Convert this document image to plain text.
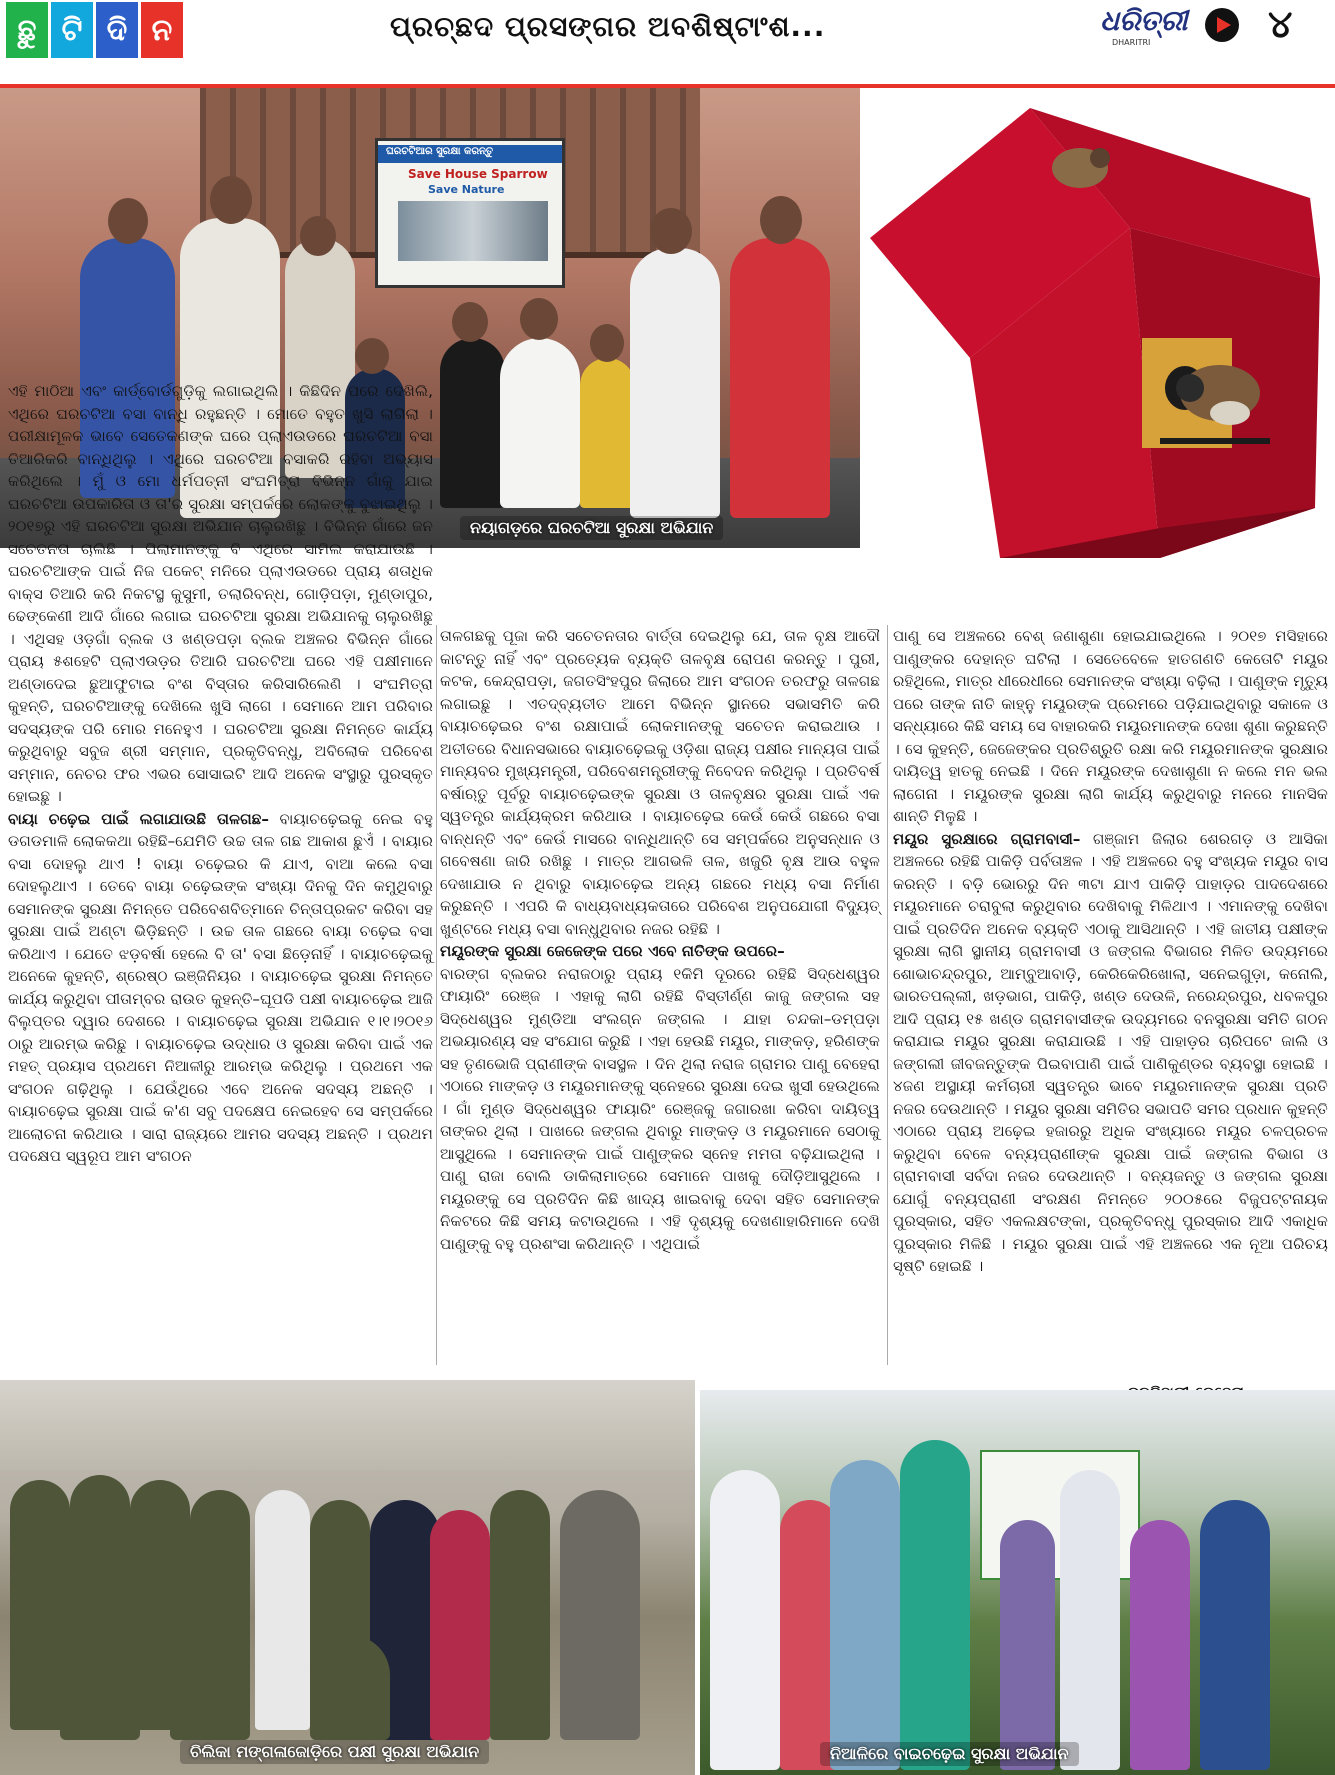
ଛୁ ଟି ଦି ନ	ପ୍ରଚ୍ଛଦ ପ୍ରସଙ୍ଗର ଅବଶିଷ୍ଟାଂଶ...	ଧରିତ୍ରୀ
DHARITRI	୪
ଘରଚଟିଆର ସୁରକ୍ଷା କରନ୍ତୁ
Save House Sparrow
Save Nature
ନୟାଗଡ଼ରେ ଘରଚଟିଆ ସୁରକ୍ଷା ଅଭିଯାନ

ଏହି ମାଠିଆ ଏବଂ କାର୍ଡ୍‌ବୋର୍ଡଗୁଡ଼ିକୁ ଲଗାଇଥିଲି । କିଛିଦିନ ପରେ ଦେଖିଲି, ଏଥିରେ ଘରଚଟିଆ ବସା ବାନ୍ଧି ରହୁଛନ୍ତି । ମୋତେ ବହୁତ ଖୁସି ଲାଗିଲା । ପରୀକ୍ଷାମୂଳକ ଭାବେ ସେତେକଣଙ୍କ ଘରେ ପ୍ଲାଏଉଡରେ ଘରଚଟିଆ ବସା ତିଆରିକରି ବାନ୍ଧିଥିଲୁ । ଏଥିରେ ଘରଚଟିଆ ବସାକରି ରହିବା ଅଭ୍ୟାସ କରିଥିଲେ । ମୁଁ ଓ ମୋ ଧର୍ମପତ୍ନୀ ସଂଘମିତ୍ରା ବିଭିନ୍ନ ଗାଁକୁ ଯାଇ ଘରଚଟିଆ ଉପକାରିତା ଓ ତା'ର ସୁରକ୍ଷା ସମ୍ପର୍କରେ ଲୋକଙ୍କୁ ବୁଝାଇଥିଲୁ । ୨୦୧୭ରୁ ଏହି ଘରଚଟିଆ ସୁରକ୍ଷା ଅଭିଯାନ ଚାଲୁରଖିଛୁ । ବିଭିନ୍ନ ଗାଁରେ ଜନ ସଚେତନତା ଚାଲିଛି । ପିଲାମାନଙ୍କୁ ବି ଏଥିରେ ସାମିଲ କରାଯାଉଛି । ଘରଚଟିଆଙ୍କ ପାଇଁ ନିଜ ପକେଟ୍ ମନିରେ ପ୍ଲାଏଉଡରେ ପ୍ରାୟ ଶତାଧିକ ବାକ୍ସ ତିଆରି କରି ନିକଟସ୍ଥ କୁସୁମୀ, ତଲାରିବନ୍ଧ, ଗୋଡ଼ିପଡ଼ା, ମୁଣ୍ଡାପୁର, ଢେଙ୍କେଣୀ ଆଦି ଗାଁରେ ଲଗାଇ ଘରଚଟିଆ ସୁରକ୍ଷା ଅଭିଯାନକୁ ଚାଲୁରଖିଛୁ । ଏଥିସହ ଓଡ଼ଗାଁ ବ୍ଲକ ଓ ଖଣ୍ଡପଡ଼ା ବ୍ଲକ ଅଞ୍ଚଳର ବିଭିନ୍ନ ଗାଁରେ ପ୍ରାୟ ୫ଶହେଟି ପ୍ଲାଏଉଡ଼ର ତିଆରି ଘରଚଟିଆ ଘରେ ଏହି ପକ୍ଷୀମାନେ ଅଣ୍ଡାଦେଇ ଛୁଆଫୁଟାଇ ବଂଶ ବିସ୍ତାର କରିସାରିଲେଣି । ସଂଘମିତ୍ରା କୁହନ୍ତି, ଘରଚଟିଆଙ୍କୁ ଦେଖିଲେ ଖୁସି ଲାଗେ । ସେମାନେ ଆମ ପରିବାର ସଦସ୍ୟଙ୍କ ପରି ମୋର ମନେହୁଏ । ଘରଚଟିଆ ସୁରକ୍ଷା ନିମନ୍ତେ କାର୍ଯ୍ୟ କରୁଥିବାରୁ ସବୁଜ ଶ୍ରୀ ସମ୍ମାନ, ପ୍ରକୃତିବନ୍ଧୁ, ଅବିଲୋକ ପରିବେଶ ସମ୍ମାନ, ନେଚର ଫର ଏଭର ସୋସାଇଟି ଆଦି ଅନେକ ସଂସ୍ଥାରୁ ପୁରସ୍କୃତ ହୋଇଛୁ ।

ବାୟା ଚଢ଼େଇ ପାଇଁ ଲଗାଯାଉଛି ତାଳଗଛ– ବାୟାଚଢ଼େଇକୁ ନେଇ ବହୁ ଡଗଡମାଳି ଲୋକକଥା ରହିଛି–ଯେମିତି ଉଚ୍ଚ ତାଳ ଗଛ ଆକାଶ ଛୁଏଁ । ବାୟାର ବସା ଦୋହଲୁ ଥାଏ ! ବାୟା ଚଢ଼େଇର କି ଯାଏ, ବାଆ କଲେ ବସା ଦୋହଲୁଥାଏ । ତେବେ ବାୟା ଚଢ଼େଇଙ୍କ ସଂଖ୍ୟା ଦିନକୁ ଦିନ କମୁଥିବାରୁ ସେମାନଙ୍କ ସୁରକ୍ଷା ନିମନ୍ତେ ପରିବେଶବିତ୍‌ମାନେ ଚିନ୍ତାପ୍ରକଟ କରିବା ସହ ସୁରକ୍ଷା ପାଇଁ ଅଣ୍ଟା ଭିଡ଼ିଛନ୍ତି । ଉଚ୍ଚ ତାଳ ଗଛରେ ବାୟା ଚଢ଼େଇ ବସା କରିଥାଏ । ଯେତେ ଝଡ଼ବର୍ଷା ହେଲେ ବି ତା' ବସା ଛିଡ଼େନାହିଁ । ବାୟାଚଢ଼େଇକୁ ଅନେକେ କୁହନ୍ତି, ଶ୍ରେଷ୍ଠ ଇଞ୍ଜିନିୟର । ବାୟାଚଢ଼େଇ ସୁରକ୍ଷା ନିମନ୍ତେ କାର୍ଯ୍ୟ କରୁଥିବା ପୀତାମ୍ବର ରାଉତ କୁହନ୍ତି–ଘୂପଡି ପକ୍ଷୀ ବାୟାଚଢ଼େଇ ଆଜି ବିଲୁପ୍ତର ଦ୍ୱାର ଦେଶରେ । ବାୟାଚଢ଼େଇ ସୁରକ୍ଷା ଅଭିଯାନ ୧।୧।୨୦୧୬ ଠାରୁ ଆରମ୍ଭ କରିଛୁ । ବାୟାଚଢ଼େଇ ଉଦ୍ଧାର ଓ ସୁରକ୍ଷା କରିବା ପାଇଁ ଏକ ମହତ୍ ପ୍ରୟାସ ପ୍ରଥମେ ନିଆଳୀରୁ ଆରମ୍ଭ କରିଥିଲୁ । ପ୍ରଥମେ ଏକ ସଂଗଠନ ଗଢ଼ିଥିଲୁ । ଯେଉଁଥିରେ ଏବେ ଅନେକ ସଦସ୍ୟ ଅଛନ୍ତି । ବାୟାଚଢ଼େଇ ସୁରକ୍ଷା ପାଇଁ କ'ଣ ସବୁ ପଦକ୍ଷେପ ନେଇହେବ ସେ ସମ୍ପର୍କରେ ଆଲୋଚନା କରିଥାଉ । ସାରା ରାଜ୍ୟରେ ଆମର ସଦସ୍ୟ ଅଛନ୍ତି । ପ୍ରଥମ ପଦକ୍ଷେପ ସ୍ୱରୂପ ଆମ ସଂଗଠନ

ତାଳଗଛକୁ ପୂଜା କରି ସଚେତନତାର ବାର୍ତ୍ତା ଦେଇଥିଲୁ ଯେ, ତାଳ ବୃକ୍ଷ ଆଦୌ କାଟନ୍ତୁ ନାହିଁ ଏବଂ ପ୍ରତ୍ୟେକ ବ୍ୟକ୍ତି ତାଳବୃକ୍ଷ ରୋପଣ କରନ୍ତୁ । ପୁରୀ, କଟକ, କେନ୍ଦ୍ରାପଡ଼ା, ଜଗତସିଂହପୁର ଜିଲାରେ ଆମ ସଂଗଠନ ତରଫରୁ ତାଳଗଛ ଲଗାଇଛୁ । ଏତଦ୍‌ବ୍ୟତୀତ ଆମେ ବିଭିନ୍ନ ସ୍ଥାନରେ ସଭାସମିତି କରି ବାୟାଚଢ଼େଇର ବଂଶ ରକ୍ଷାପାଇଁ ଲୋକମାନଙ୍କୁ ସଚେତନ କରାଇଥାଉ । ଅତୀତରେ ବିଧାନସଭାରେ ବାୟାଚଢ଼େଇକୁ ଓଡ଼ିଶା ରାଜ୍ୟ ପକ୍ଷୀର ମାନ୍ୟତା ପାଇଁ ମାନ୍ୟବର ମୁଖ୍ୟମନ୍ତ୍ରୀ, ପରିବେଶମନ୍ତ୍ରୀଙ୍କୁ ନିବେଦନ କରିଥିଲୁ । ପ୍ରତିବର୍ଷ ବର୍ଷାଋତୁ ପୂର୍ବରୁ ବାୟାଚଢ଼େଇଙ୍କ ସୁରକ୍ଷା ଓ ତାଳବୃକ୍ଷର ସୁରକ୍ଷା ପାଇଁ ଏକ ସ୍ୱତନ୍ତ୍ର କାର୍ଯ୍ୟକ୍ରମ କରିଥାଉ । ବାୟାଚଢ଼େଇ କେଉଁ କେଉଁ ଗଛରେ ବସା ବାନ୍ଧନ୍ତି ଏବଂ କେଉଁ ମାସରେ ବାନ୍ଧିଥାନ୍ତି ସେ ସମ୍ପର୍କରେ ଅନୁସନ୍ଧାନ ଓ ଗବେଷଣା ଜାରି ରଖିଛୁ । ମାତ୍ର ଆଗଭଳି ତାଳ, ଖଜୁରି ବୃକ୍ଷ ଆଉ ବହୁଳ ଦେଖାଯାଉ ନ ଥିବାରୁ ବାୟାଚଢ଼େଇ ଅନ୍ୟ ଗଛରେ ମଧ୍ୟ ବସା ନିର୍ମାଣ କରୁଛନ୍ତି । ଏପରି କି ବାଧ୍ୟବାଧ୍ୟକତାରେ ପରିବେଶ ଅନୁପଯୋଗୀ ବିଦ୍ୟୁତ୍ ଖୁଣ୍ଟରେ ମଧ୍ୟ ବସା ବାନ୍ଧୁଥିବାର ନଜର ରହିଛି ।

ମୟୂରଙ୍କ ସୁରକ୍ଷା ଜେଜେଙ୍କ ପରେ ଏବେ ନାତିଙ୍କ ଉପରେ–

ବାରଙ୍ଗ ବ୍ଲକର ନରାଜଠାରୁ ପ୍ରାୟ ୧କିମି ଦୂରରେ ରହିଛି ସିଦ୍ଧେଶ୍ୱର ଫାୟାରିଂ ରେଞ୍ଜ । ଏହାକୁ ଲାଗି ରହିଛି ବିସ୍ତୀର୍ଣ୍ଣ କାଜୁ ଜଙ୍ଗଲ ସହ ସିଦ୍ଧେଶ୍ୱର ମୁଣ୍ଡିଆ ସଂଲଗ୍ନ ଜଙ୍ଗଲ । ଯାହା ଚନ୍ଦକା–ଡମ୍ପଡ଼ା ଅଭୟାରଣ୍ୟ ସହ ସଂଯୋଗ କରୁଛି । ଏହା ହେଉଛି ମୟୂର, ମାଙ୍କଡ଼, ହରିଣଙ୍କ ସହ ତୃଣଭୋଜି ପ୍ରାଣୀଙ୍କ ବାସସ୍ଥଳ । ଦିନ ଥିଲା ନରାଜ ଗ୍ରାମର ପାଣୁ ବେହେରା ଏଠାରେ ମାଙ୍କଡ଼ ଓ ମୟୂରମାନଙ୍କୁ ସ୍ନେହରେ ସୁରକ୍ଷା ଦେଇ ଖୁସୀ ହେଉଥିଲେ । ଗାଁ ମୁଣ୍ଡ ସିଦ୍ଧେଶ୍ୱର ଫାୟାରିଂ ରେଞ୍ଜକୁ ଜଗାରଖା କରିବା ଦାୟିତ୍ୱ ତାଙ୍କର ଥିଲା । ପାଖରେ ଜଙ୍ଗଲ ଥିବାରୁ ମାଙ୍କଡ଼ ଓ ମୟୂରମାନେ ସେଠାକୁ ଆସୁଥିଲେ । ସେମାନଙ୍କ ପାଇଁ ପାଣୁଙ୍କର ସ୍ନେହ ମମତା ବଢ଼ିଯାଇଥିଲା । ପାଣୁ ରାଜା ବୋଲି ଡାକିଲାମାତ୍ରେ ସେମାନେ ପାଖକୁ ଦୌଡ଼ିଆସୁଥିଲେ । ମୟୂରଙ୍କୁ ସେ ପ୍ରତିଦିନ କିଛି ଖାଦ୍ୟ ଖାଇବାକୁ ଦେବା ସହିତ ସେମାନଙ୍କ ନିକଟରେ କିଛି ସମୟ କଟାଉଥିଲେ । ଏହି ଦୃଶ୍ୟକୁ ଦେଖଣାହାରିମାନେ ଦେଖି ପାଣୁଙ୍କୁ ବହୁ ପ୍ରଶଂସା କରିଥାନ୍ତି । ଏଥିପାଇଁ

ପାଣୁ ସେ ଅଞ୍ଚଳରେ ବେଶ୍ ଜଣାଶୁଣା ହୋଇଯାଇଥିଲେ । ୨୦୧୭ ମସିହାରେ ପାଣୁଙ୍କର ଦେହାନ୍ତ ଘଟିଲା । ସେତେବେଳେ ହାତଗଣତି କେତୋଟି ମୟୂର ରହିଥିଲେ, ମାତ୍ର ଧୀରେଧୀରେ ସେମାନଙ୍କ ସଂଖ୍ୟା ବଢ଼ିଲା । ପାଣୁଙ୍କ ମୃତ୍ୟୁ ପରେ ତାଙ୍କ ନାତି କାହ୍ନୁ ମୟୂରଙ୍କ ପ୍ରେମରେ ପଡ଼ିଯାଇଥିବାରୁ ସକାଳେ ଓ ସନ୍ଧ୍ୟାରେ କିଛି ସମୟ ସେ ବାହାରକରି ମୟୂରମାନଙ୍କ ଦେଖା ଶୁଣା କରୁଛନ୍ତି । ସେ କୁହନ୍ତି, ଜେଜେଙ୍କର ପ୍ରତିଶ୍ରୁତି ରକ୍ଷା କରି ମୟୂରମାନଙ୍କ ସୁରକ୍ଷାର ଦାୟିତ୍ୱ ହାତକୁ ନେଇଛି । ଦିନେ ମୟୂରଙ୍କ ଦେଖାଶୁଣା ନ କଲେ ମନ ଭଲ ଲାଗେନା । ମୟୂରଙ୍କ ସୁରକ୍ଷା ଲାଗି କାର୍ଯ୍ୟ କରୁଥିବାରୁ ମନରେ ମାନସିକ ଶାନ୍ତି ମିଳୁଛି ।

ମୟୂର ସୁରକ୍ଷାରେ ଗ୍ରାମବାସୀ– ଗଞ୍ଜାମ ଜିଲାର ଶେରଗଡ଼ ଓ ଆସିକା ଅଞ୍ଚଳରେ ରହିଛି ପାକିଡ଼ି ପର୍ବତାଞ୍ଚଳ । ଏହି ଅଞ୍ଚଳରେ ବହୁ ସଂଖ୍ୟକ ମୟୂର ବାସ କରନ୍ତି । ବଡ଼ି ଭୋରରୁ ଦିନ ୩ଟା ଯାଏ ପାକିଡ଼ି ପାହାଡ଼ର ପାଦଦେଶରେ ମୟୂରମାନେ ଚରାବୁଲା କରୁଥିବାର ଦେଖିବାକୁ ମିଳିଥାଏ । ଏମାନଙ୍କୁ ଦେଖିବା ପାଇଁ ପ୍ରତିଦିନ ଅନେକ ବ୍ୟକ୍ତି ଏଠାକୁ ଆସିଥାନ୍ତି । ଏହି ଜାତୀୟ ପକ୍ଷୀଙ୍କ ସୁରକ୍ଷା ଲାଗି ସ୍ଥାନୀୟ ଗ୍ରାମବାସୀ ଓ ଜଙ୍ଗଲ ବିଭାଗର ମିଳିତ ଉଦ୍ୟମରେ ଶୋଭାଚନ୍ଦ୍ରପୁର, ଆମ୍ବୁଆବାଡ଼ି, କେରିକେରିଖୋଲା, ସନେଇଗୁଡ଼ା, କନୋଲି, ଭାରତପଲ୍ଲୀ, ଖଡ଼ଭାଗ, ପାକିଡ଼ି, ଖଣ୍ଡ ଦେଉଳି, ନରେନ୍ଦ୍ରପୁର, ଧବଳପୁର ଆଦି ପ୍ରାୟ ୧୫ ଖଣ୍ଡ ଗ୍ରାମବାସୀଙ୍କ ଉଦ୍ୟମରେ ବନସୁରକ୍ଷା ସମିତି ଗଠନ କରାଯାଇ ମୟୂର ସୁରକ୍ଷା କରାଯାଉଛି । ଏହି ପାହାଡ଼ର ଚାରିପଟେ ଜାଲି ଓ ଜଙ୍ଗଲୀ ଜୀବଜନ୍ତୁଙ୍କ ପିଇବାପାଣି ପାଇଁ ପାଣିକୁଣ୍ଡର ବ୍ୟବସ୍ଥା ହୋଇଛି । ୪ଜଣ ଅସ୍ଥାୟୀ କର୍ମଚାରୀ ସ୍ୱତନ୍ତ୍ର ଭାବେ ମୟୂରମାନଙ୍କ ସୁରକ୍ଷା ପ୍ରତି ନଜର ଦେଉଥାନ୍ତି । ମୟୂର ସୁରକ୍ଷା ସମିତିର ସଭାପତି ସମର ପ୍ରଧାନ କୁହନ୍ତି ଏଠାରେ ପ୍ରାୟ ଅଢ଼େଇ ହଜାରରୁ ଅଧିକ ସଂଖ୍ୟାରେ ମୟୂର ଚଳପ୍ରଚଳ କରୁଥିବା ବେଳେ ବନ୍ୟପ୍ରାଣୀଙ୍କ ସୁରକ୍ଷା ପାଇଁ ଜଙ୍ଗଲ ବିଭାଗ ଓ ଗ୍ରାମବାସୀ ସର୍ବଦା ନଜର ଦେଉଥାନ୍ତି । ବନ୍ୟଜନ୍ତୁ ଓ ଜଙ୍ଗଲ ସୁରକ୍ଷା ଯୋଗୁଁ ବନ୍ୟପ୍ରାଣୀ ସଂରକ୍ଷଣ ନିମନ୍ତେ ୨୦୦୫ରେ ବିଜୁପଟ୍ଟନାୟକ ପୁରସ୍କାର, ସହିତ ଏକଲକ୍ଷଟଙ୍କା, ପ୍ରକୃତିବନ୍ଧୁ ପୁରସ୍କାର ଆଦି ଏକାଧିକ ପୁରସ୍କାର ମିଳିଛି । ମୟୂର ସୁରକ୍ଷା ପାଇଁ ଏହି ଅଞ୍ଚଳରେ ଏକ ନୂଆ ପରିଚୟ ସୃଷ୍ଟି ହୋଇଛି ।

ଚିଲିକା ମଙ୍ଗଳାଜୋଡ଼ିରେ ପକ୍ଷୀ ସୁରକ୍ଷା ଅଭିଯାନ	ନିଆଳିରେ ବାଇଚଢ଼େଇ ସୁରକ୍ଷା ଅଭିଯାନ
